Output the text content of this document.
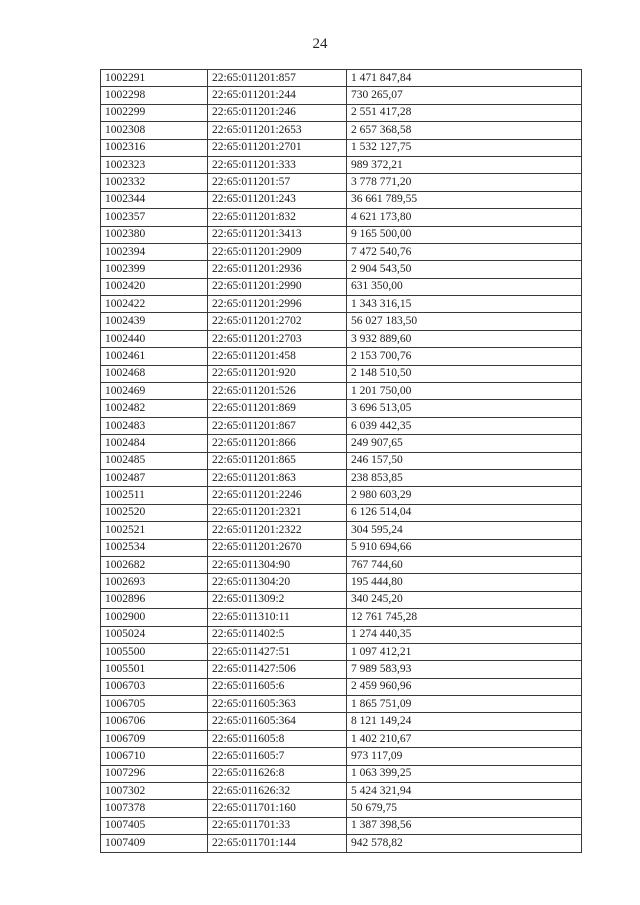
24
1002291	22:65:011201:857	1 471 847,84
1002298	22:65:011201:244	730 265,07
1002299	22:65:011201:246	2 551 417,28
1002308	22:65:011201:2653	2 657 368,58
1002316	22:65:011201:2701	1 532 127,75
1002323	22:65:011201:333	989 372,21
1002332	22:65:011201:57	3 778 771,20
1002344	22:65:011201:243	36 661 789,55
1002357	22:65:011201:832	4 621 173,80
1002380	22:65:011201:3413	9 165 500,00
1002394	22:65:011201:2909	7 472 540,76
1002399	22:65:011201:2936	2 904 543,50
1002420	22:65:011201:2990	631 350,00
1002422	22:65:011201:2996	1 343 316,15
1002439	22:65:011201:2702	56 027 183,50
1002440	22:65:011201:2703	3 932 889,60
1002461	22:65:011201:458	2 153 700,76
1002468	22:65:011201:920	2 148 510,50
1002469	22:65:011201:526	1 201 750,00
1002482	22:65:011201:869	3 696 513,05
1002483	22:65:011201:867	6 039 442,35
1002484	22:65:011201:866	249 907,65
1002485	22:65:011201:865	246 157,50
1002487	22:65:011201:863	238 853,85
1002511	22:65:011201:2246	2 980 603,29
1002520	22:65:011201:2321	6 126 514,04
1002521	22:65:011201:2322	304 595,24
1002534	22:65:011201:2670	5 910 694,66
1002682	22:65:011304:90	767 744,60
1002693	22:65:011304:20	195 444,80
1002896	22:65:011309:2	340 245,20
1002900	22:65:011310:11	12 761 745,28
1005024	22:65:011402:5	1 274 440,35
1005500	22:65:011427:51	1 097 412,21
1005501	22:65:011427:506	7 989 583,93
1006703	22:65:011605:6	2 459 960,96
1006705	22:65:011605:363	1 865 751,09
1006706	22:65:011605:364	8 121 149,24
1006709	22:65:011605:8	1 402 210,67
1006710	22:65:011605:7	973 117,09
1007296	22:65:011626:8	1 063 399,25
1007302	22:65:011626:32	5 424 321,94
1007378	22:65:011701:160	50 679,75
1007405	22:65:011701:33	1 387 398,56
1007409	22:65:011701:144	942 578,82
